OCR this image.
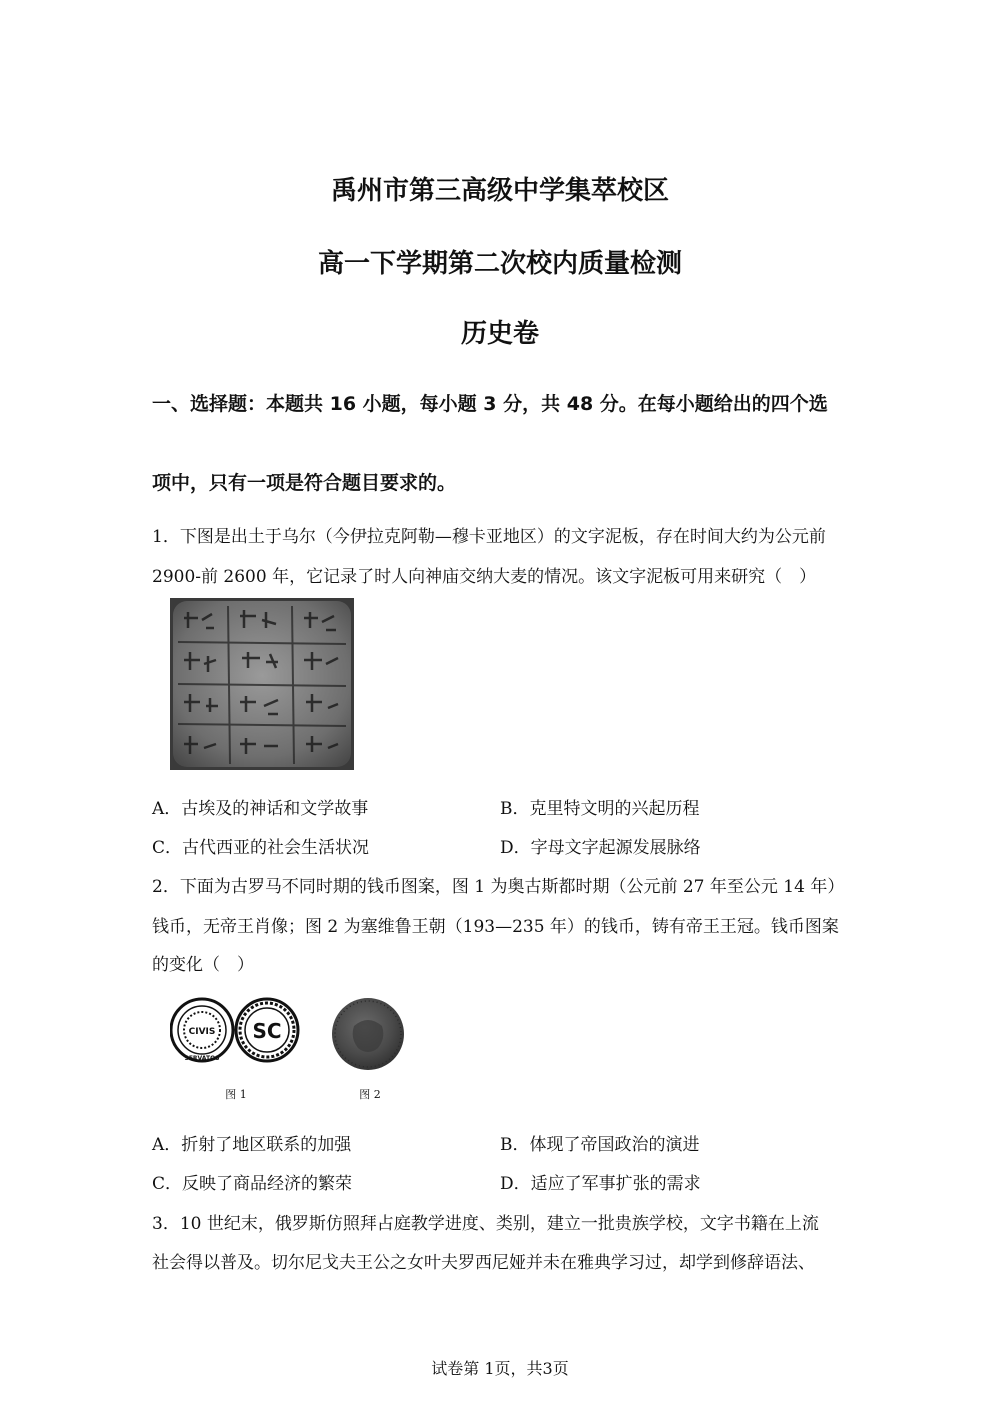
禹州市第三高级中学集萃校区
高一下学期第二次校内质量检测
历史卷
一、选择题：本题共 16 小题，每小题 3 分，共 48 分。在每小题给出的四个选
项中，只有一项是符合题目要求的。
1．下图是出土于乌尔（今伊拉克阿勒—穆卡亚地区）的文字泥板，存在时间大约为公元前
2900-前 2600 年，它记录了时人向神庙交纳大麦的情况。该文字泥板可用来研究（　）
A．古埃及的神话和文学故事	B．克里特文明的兴起历程
C．古代西亚的社会生活状况	D．字母文字起源发展脉络
2．下面为古罗马不同时期的钱币图案，图 1 为奥古斯都时期（公元前 27 年至公元 14 年）
钱币，无帝王肖像；图 2 为塞维鲁王朝（193—235 年）的钱币，铸有帝王王冠。钱币图案
的变化（　）
CIVIS
SERVATOS
SC
图 1	图 2
A．折射了地区联系的加强	B．体现了帝国政治的演进
C．反映了商品经济的繁荣	D．适应了军事扩张的需求
3．10 世纪末，俄罗斯仿照拜占庭教学进度、类别，建立一批贵族学校，文字书籍在上流
社会得以普及。切尔尼戈夫王公之女叶夫罗西尼娅并未在雅典学习过，却学到修辞语法、
试卷第 1页，共3页
